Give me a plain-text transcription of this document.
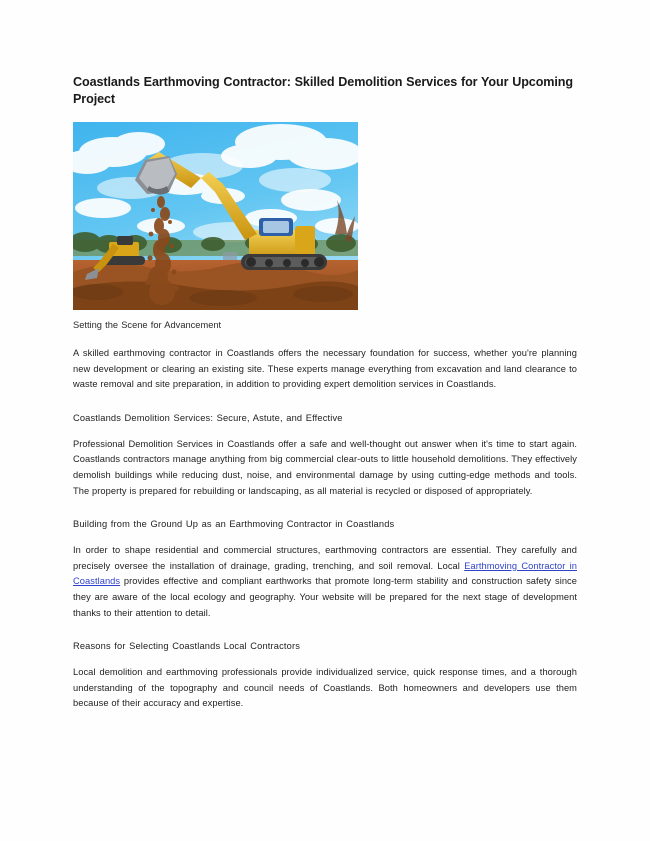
Coastlands Earthmoving Contractor: Skilled Demolition Services for Your Upcoming Project
Setting the Scene for Advancement

A skilled earthmoving contractor in Coastlands offers the necessary foundation for success, whether you're planning new development or clearing an existing site. These experts manage everything from excavation and land clearance to waste removal and site preparation, in addition to providing expert demolition services in Coastlands.

Coastlands Demolition Services: Secure, Astute, and Effective

Professional Demolition Services in Coastlands offer a safe and well-thought out answer when it's time to start again. Coastlands contractors manage anything from big commercial clear-outs to little household demolitions. They effectively demolish buildings while reducing dust, noise, and environmental damage by using cutting-edge methods and tools. The property is prepared for rebuilding or landscaping, as all material is recycled or disposed of appropriately.

Building from the Ground Up as an Earthmoving Contractor in Coastlands

In order to shape residential and commercial structures, earthmoving contractors are essential. They carefully and precisely oversee the installation of drainage, grading, trenching, and soil removal. Local Earthmoving Contractor in Coastlands provides effective and compliant earthworks that promote long-term stability and construction safety since they are aware of the local ecology and geography. Your website will be prepared for the next stage of development thanks to their attention to detail.

Reasons for Selecting Coastlands Local Contractors

Local demolition and earthmoving professionals provide individualized service, quick response times, and a thorough understanding of the topography and council needs of Coastlands. Both homeowners and developers use them because of their accuracy and expertise.
